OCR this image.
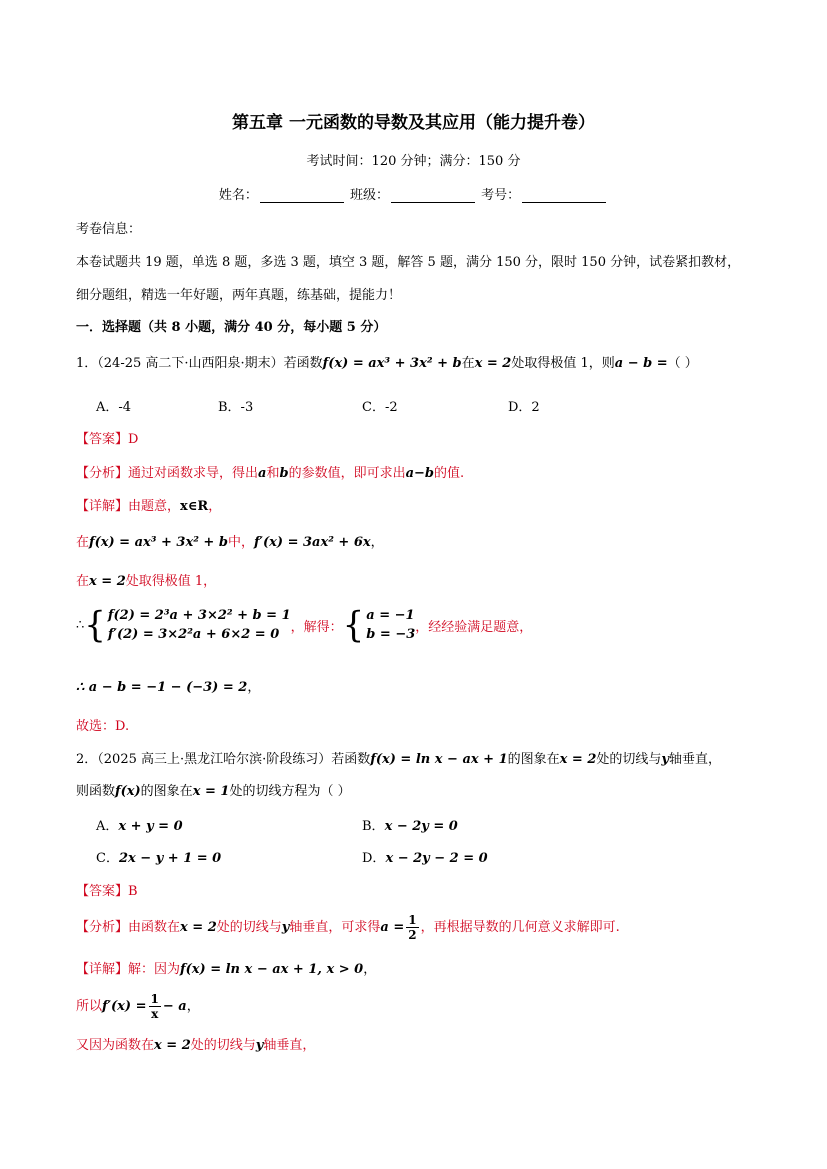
第五章 一元函数的导数及其应用（能力提升卷）
考试时间：120 分钟；满分：150 分
姓名：	班级：	考号：
考卷信息：
本卷试题共 19 题，单选 8 题，多选 3 题，填空 3 题，解答 5 题，满分 150 分，限时 150 分钟，试卷紧扣教材，
细分题组，精选一年好题，两年真题，练基础，提能力！
一．选择题（共 8 小题，满分 40 分，每小题 5 分）
1．（24-25 高二下·山西阳泉·期末）若函数f(x) = ax³ + 3x² + b在x = 2处取得极值 1，则a − b =（ ）
A．-4	B．-3	C．-2	D．2
【答案】D
【分析】通过对函数求导，得出a和b的参数值，即可求出a−b的值.
【详解】由题意，x∈R，
在f(x) = ax³ + 3x² + b中，f′(x) = 3ax² + 6x，
在x = 2处取得极值 1，
∴ { f(2) = 2³a + 3×2² + b = 1
f′(2) = 3×2²a + 6×2 = 0 ，解得： { a = −1
b = −3 ，经经验满足题意，
∴ a − b = −1 − (−3) = 2，
故选：D.
2．（2025 高三上·黑龙江哈尔滨·阶段练习）若函数f(x) = ln x − ax + 1的图象在x = 2处的切线与y轴垂直，
则函数f(x)的图象在x = 1处的切线方程为（ ）
A．x + y = 0	B．x − 2y = 0
C．2x − y + 1 = 0	D．x − 2y − 2 = 0
【答案】B
【分析】由函数在x = 2处的切线与y轴垂直，可求得$a = \frac{1}{2}$ ，再根据导数的几何意义求解即可.
【详解】解：因为f(x) = ln x − ax + 1, x > 0，
所以$f'(x) = \frac{1}{x} - a$，
又因为函数在x = 2处的切线与y轴垂直，
